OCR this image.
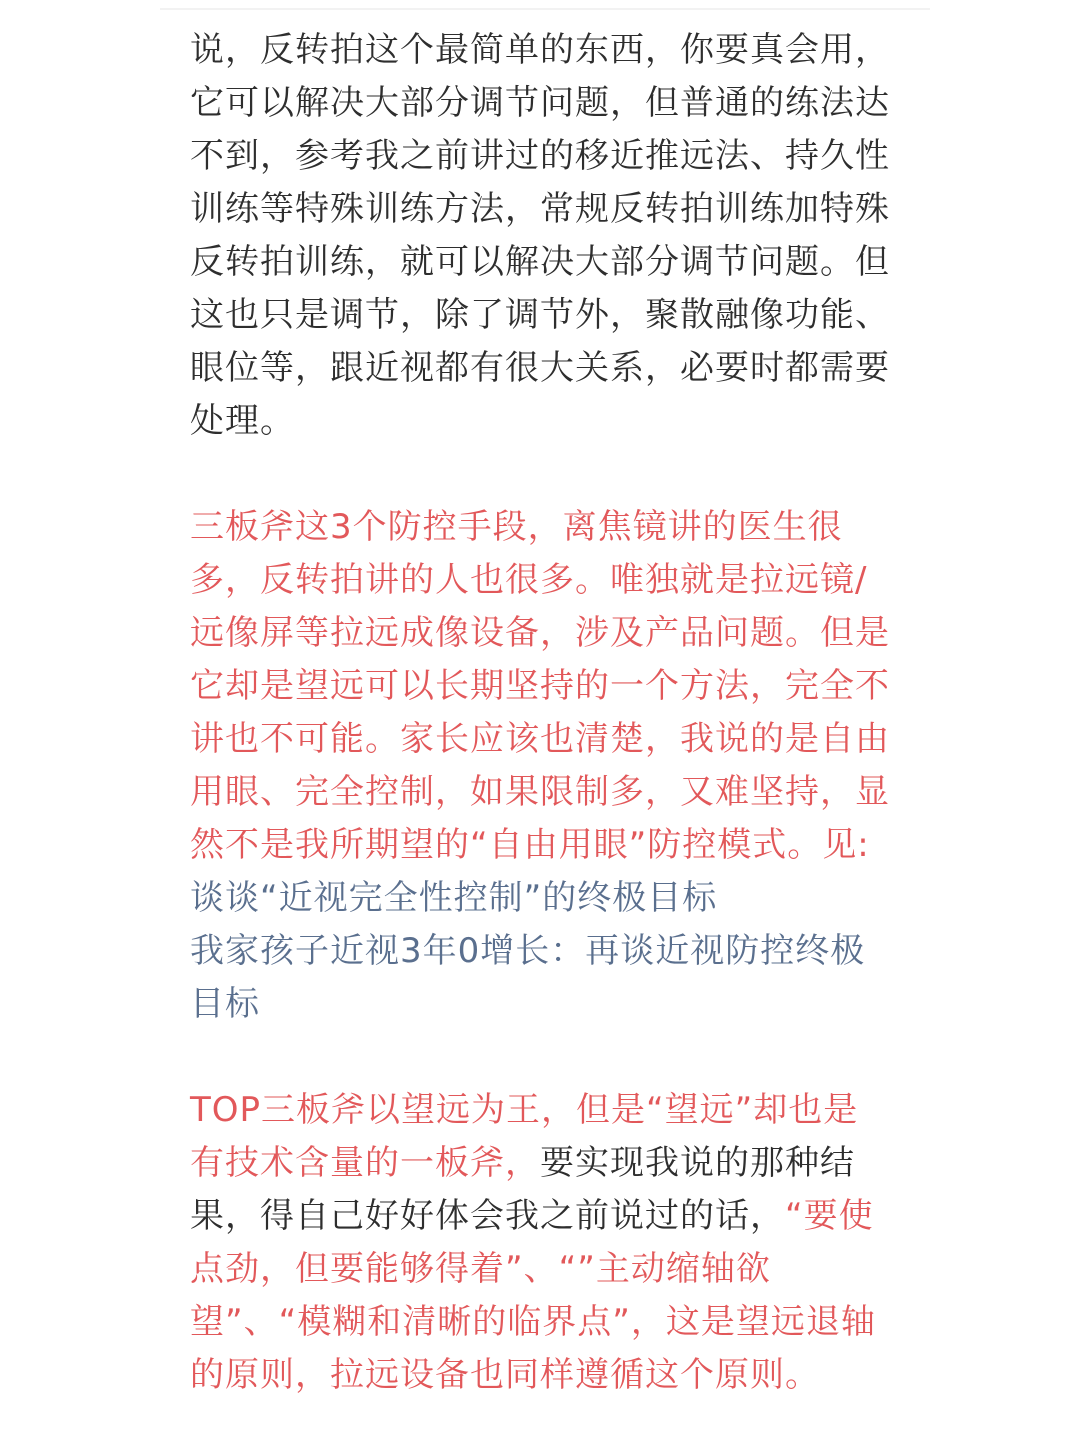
说，反转拍这个最简单的东西，你要真会用，它可以解决大部分调节问题，但普通的练法达不到，参考我之前讲过的移近推远法、持久性训练等特殊训练方法，常规反转拍训练加特殊反转拍训练，就可以解决大部分调节问题。但这也只是调节，除了调节外，聚散融像功能、眼位等，跟近视都有很大关系，必要时都需要处理。

三板斧这3个防控手段，离焦镜讲的医生很多，反转拍讲的人也很多。唯独就是拉远镜/远像屏等拉远成像设备，涉及产品问题。但是它却是望远可以长期坚持的一个方法，完全不讲也不可能。家长应该也清楚，我说的是自由用眼、完全控制，如果限制多，又难坚持，显然不是我所期望的“自由用眼”防控模式。见:

谈谈“近视完全性控制”的终极目标
我家孩子近视3年0增长：再谈近视防控终极目标

TOP三板斧以望远为王，但是“望远”却也是有技术含量的一板斧，要实现我说的那种结果，得自己好好体会我之前说过的话，“要使点劲，但要能够得着”、“”主动缩轴欲望”、“模糊和清晰的临界点”，这是望远退轴的原则，拉远设备也同样遵循这个原则。
